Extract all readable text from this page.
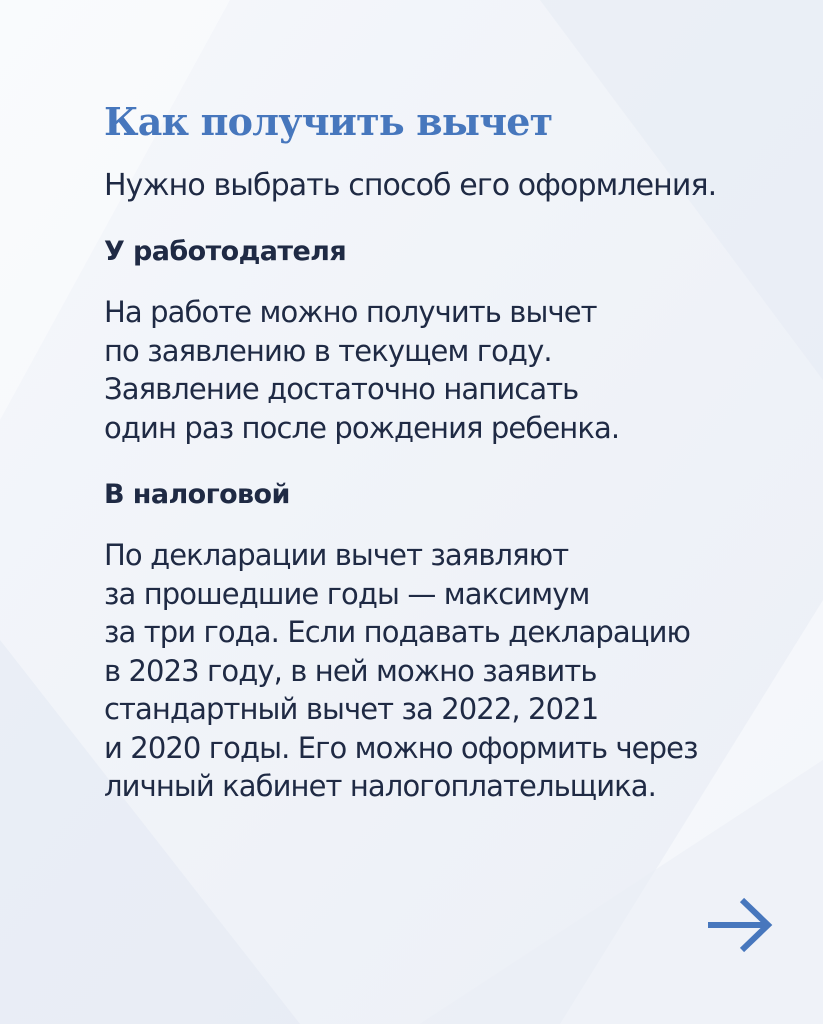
Как получить вычет

Нужно выбрать способ его оформления.

У работодателя
На работе можно получить вычет
по заявлению в текущем году.
Заявление достаточно написать
один раз после рождения ребенка.
В налоговой
По декларации вычет заявляют
за прошедшие годы — максимум
за три года. Если подавать декларацию
в 2023 году, в ней можно заявить
стандартный вычет за 2022, 2021
и 2020 годы. Его можно оформить через
личный кабинет налогоплательщика.
